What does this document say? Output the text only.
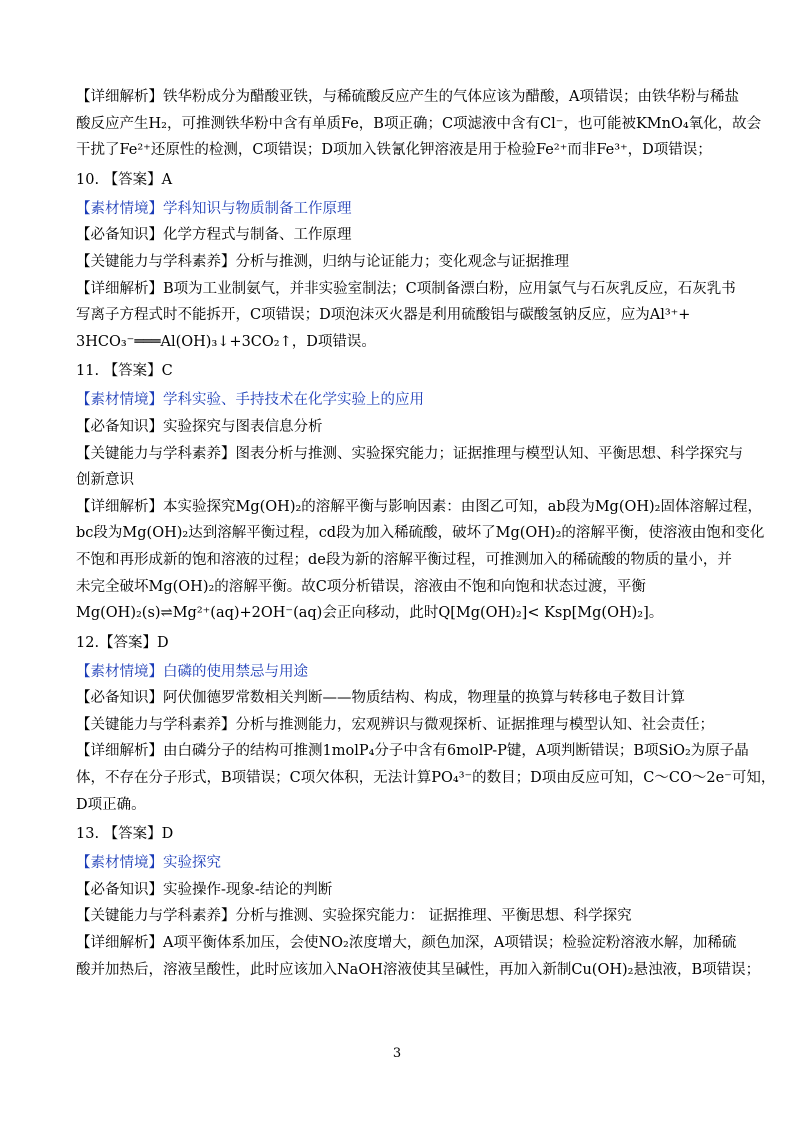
【详细解析】铁华粉成分为醋酸亚铁，与稀硫酸反应产生的气体应该为醋酸，A项错误；由铁华粉与稀盐
酸反应产生H₂，可推测铁华粉中含有单质Fe，B项正确；C项滤液中含有Cl⁻，也可能被KMnO₄氧化，故会
干扰了Fe²⁺还原性的检测，C项错误；D项加入铁氰化钾溶液是用于检验Fe²⁺而非Fe³⁺，D项错误；
10. 【答案】A
【素材情境】学科知识与物质制备工作原理
【必备知识】化学方程式与制备、工作原理
【关键能力与学科素养】分析与推测，归纳与论证能力；变化观念与证据推理
【详细解析】B项为工业制氨气，并非实验室制法；C项制备漂白粉，应用氯气与石灰乳反应，石灰乳书
写离子方程式时不能拆开，C项错误；D项泡沫灭火器是利用硫酸铝与碳酸氢钠反应，应为Al³⁺+
3HCO₃⁻═══Al(OH)₃↓+3CO₂↑，D项错误。
11. 【答案】C
【素材情境】学科实验、手持技术在化学实验上的应用
【必备知识】实验探究与图表信息分析
【关键能力与学科素养】图表分析与推测、实验探究能力；证据推理与模型认知、平衡思想、科学探究与
创新意识
【详细解析】本实验探究Mg(OH)₂的溶解平衡与影响因素：由图乙可知，ab段为Mg(OH)₂固体溶解过程，
bc段为Mg(OH)₂达到溶解平衡过程，cd段为加入稀硫酸，破坏了Mg(OH)₂的溶解平衡，使溶液由饱和变化
不饱和再形成新的饱和溶液的过程；de段为新的溶解平衡过程，可推测加入的稀硫酸的物质的量小，并
未完全破坏Mg(OH)₂的溶解平衡。故C项分析错误，溶液由不饱和向饱和状态过渡，平衡
Mg(OH)₂(s)⇌Mg²⁺(aq)+2OH⁻(aq)会正向移动，此时Q[Mg(OH)₂]< Ksp[Mg(OH)₂]。
12.【答案】D
【素材情境】白磷的使用禁忌与用途
【必备知识】阿伏伽德罗常数相关判断——物质结构、构成，物理量的换算与转移电子数目计算
【关键能力与学科素养】分析与推测能力，宏观辨识与微观探析、证据推理与模型认知、社会责任；
【详细解析】由白磷分子的结构可推测1molP₄分子中含有6molP-P键，A项判断错误；B项SiO₂为原子晶
体，不存在分子形式，B项错误；C项欠体积，无法计算PO₄³⁻的数目；D项由反应可知，C～CO～2e⁻可知，
D项正确。
13. 【答案】D
【素材情境】实验探究
【必备知识】实验操作-现象-结论的判断
【关键能力与学科素养】分析与推测、实验探究能力： 证据推理、平衡思想、科学探究
【详细解析】A项平衡体系加压，会使NO₂浓度增大，颜色加深，A项错误；检验淀粉溶液水解，加稀硫
酸并加热后，溶液呈酸性，此时应该加入NaOH溶液使其呈碱性，再加入新制Cu(OH)₂悬浊液，B项错误；
3
